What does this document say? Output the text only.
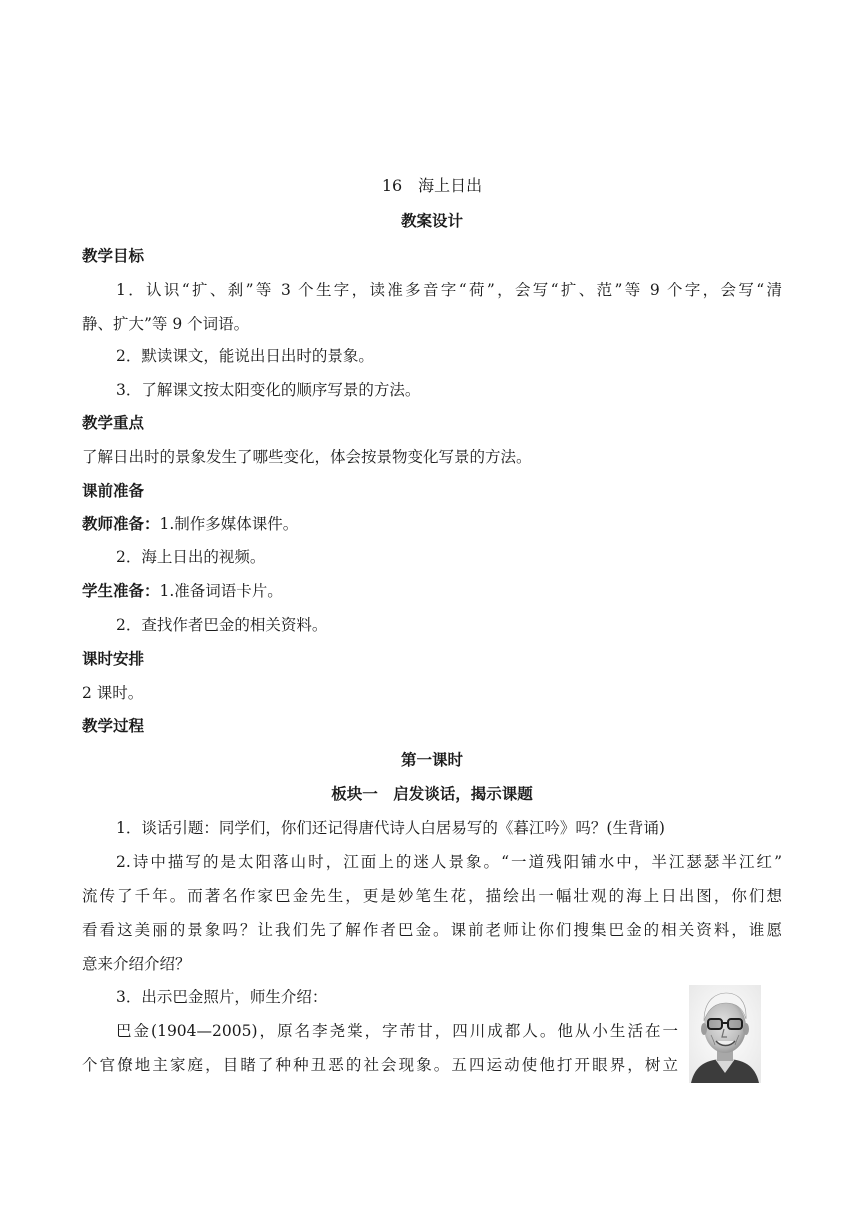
16　海上日出
教案设计
教学目标
1．认识“扩、刹”等 3 个生字，读准多音字“荷”，会写“扩、范”等 9 个字，会写“清
静、扩大”等 9 个词语。
2．默读课文，能说出日出时的景象。
3．了解课文按太阳变化的顺序写景的方法。
教学重点
了解日出时的景象发生了哪些变化，体会按景物变化写景的方法。
课前准备
教师准备：1.制作多媒体课件。
2．海上日出的视频。
学生准备：1.准备词语卡片。
2．查找作者巴金的相关资料。
课时安排
2 课时。
教学过程
第一课时
板块一　启发谈话，揭示课题
1．谈话引题：同学们，你们还记得唐代诗人白居易写的《暮江吟》吗？(生背诵)
2.诗中描写的是太阳落山时，江面上的迷人景象。“一道残阳铺水中，半江瑟瑟半江红”
流传了千年。而著名作家巴金先生，更是妙笔生花，描绘出一幅壮观的海上日出图，你们想
看看这美丽的景象吗？让我们先了解作者巴金。课前老师让你们搜集巴金的相关资料，谁愿
意来介绍介绍？
3．出示巴金照片，师生介绍：
巴金(1904—2005)，原名李尧棠，字芾甘，四川成都人。他从小生活在一
个官僚地主家庭，目睹了种种丑恶的社会现象。五四运动使他打开眼界，树立
